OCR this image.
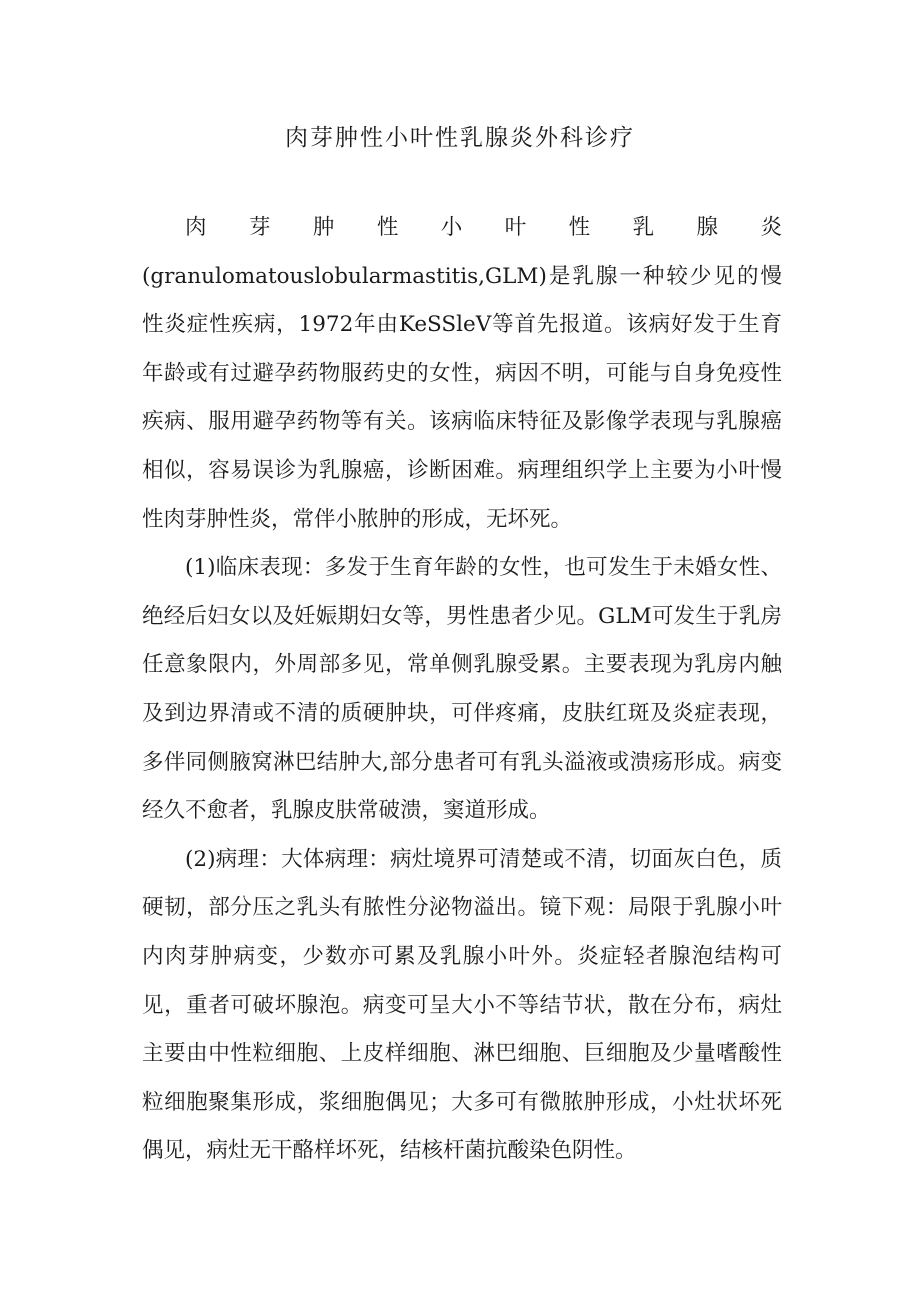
肉芽肿性小叶性乳腺炎外科诊疗
肉 芽 肿 性 小 叶 性 乳 腺 炎

(granulomatouslobularmastitis,GLM)是乳腺一种较少见的慢性炎症性疾病，1972年由KeSSleV等首先报道。该病好发于生育年龄或有过避孕药物服药史的女性，病因不明，可能与自身免疫性疾病、服用避孕药物等有关。该病临床特征及影像学表现与乳腺癌相似，容易误诊为乳腺癌，诊断困难。病理组织学上主要为小叶慢性肉芽肿性炎，常伴小脓肿的形成，无坏死。

(1)临床表现：多发于生育年龄的女性，也可发生于未婚女性、绝经后妇女以及妊娠期妇女等，男性患者少见。GLM可发生于乳房任意象限内，外周部多见，常单侧乳腺受累。主要表现为乳房内触及到边界清或不清的质硬肿块，可伴疼痛，皮肤红斑及炎症表现，多伴同侧腋窝淋巴结肿大,部分患者可有乳头溢液或溃疡形成。病变经久不愈者，乳腺皮肤常破溃，窦道形成。

(2)病理：大体病理：病灶境界可清楚或不清，切面灰白色，质硬韧，部分压之乳头有脓性分泌物溢出。镜下观：局限于乳腺小叶内肉芽肿病变，少数亦可累及乳腺小叶外。炎症轻者腺泡结构可见，重者可破坏腺泡。病变可呈大小不等结节状，散在分布，病灶主要由中性粒细胞、上皮样细胞、淋巴细胞、巨细胞及少量嗜酸性粒细胞聚集形成，浆细胞偶见；大多可有微脓肿形成，小灶状坏死偶见，病灶无干酪样坏死，结核杆菌抗酸染色阴性。
